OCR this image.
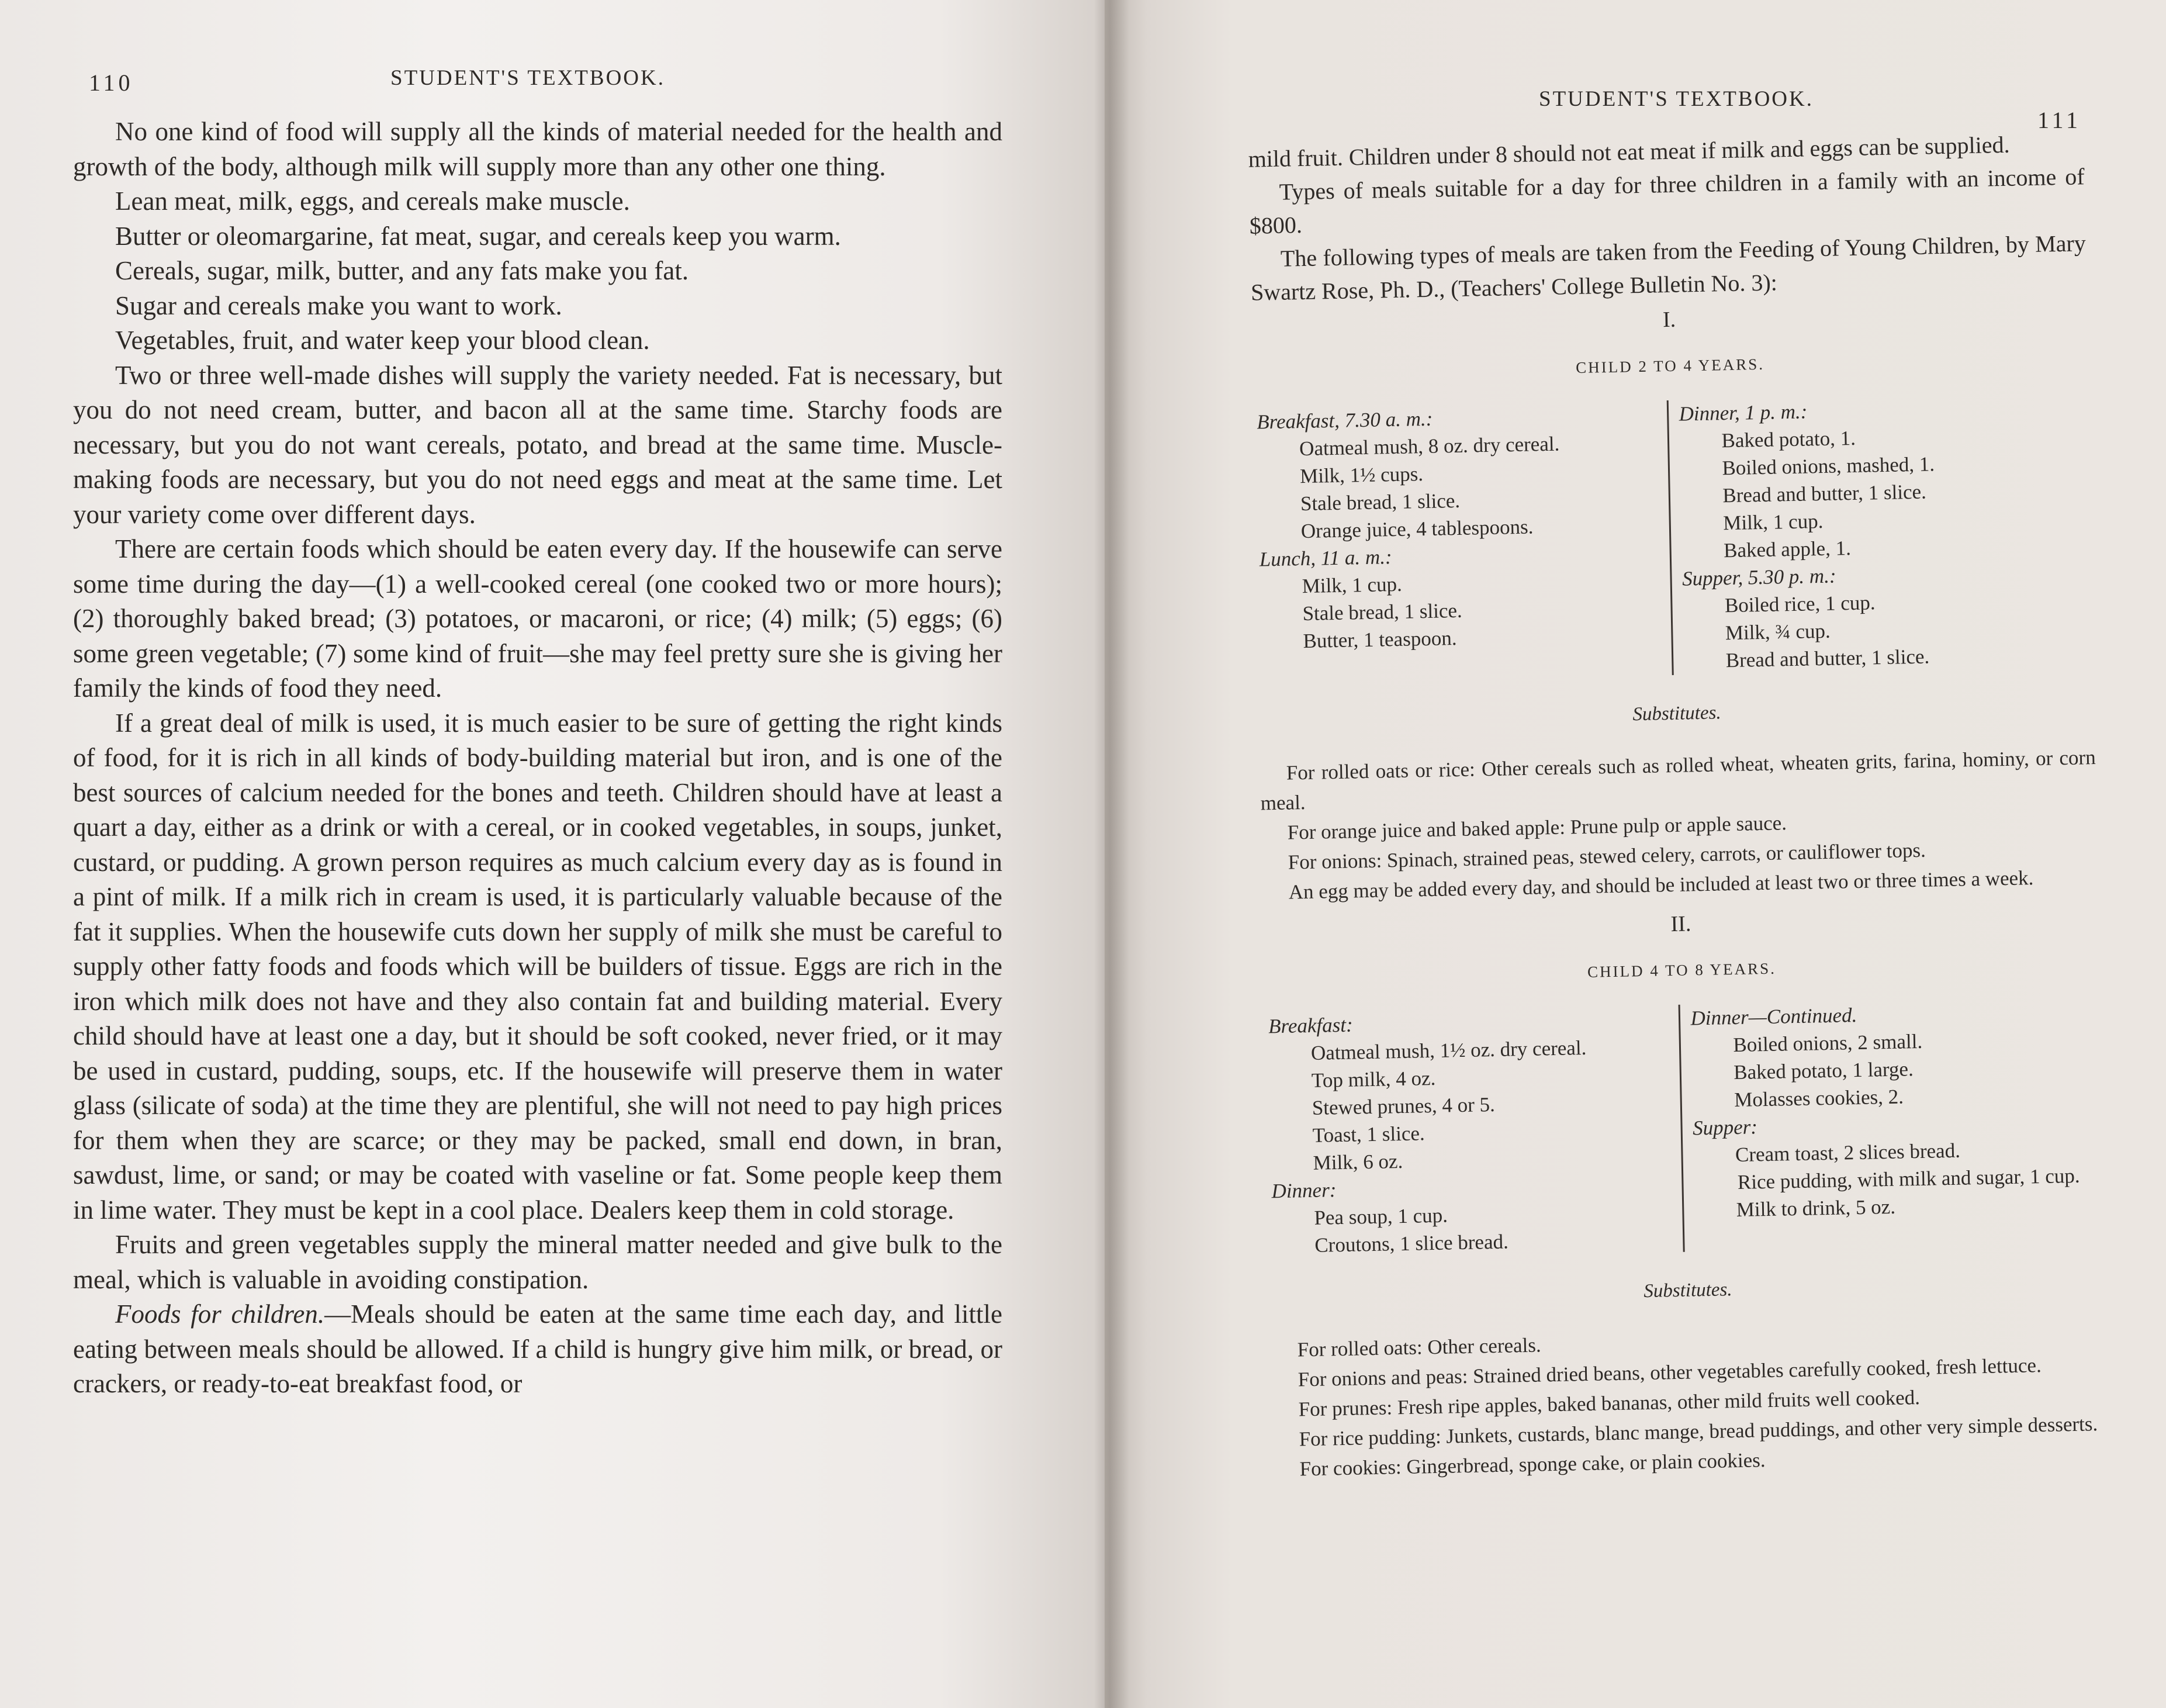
110	STUDENT'S TEXTBOOK.

No one kind of food will supply all the kinds of material needed for the health and growth of the body, although milk will supply more than any other one thing.

Lean meat, milk, eggs, and cereals make muscle.

Butter or oleomargarine, fat meat, sugar, and cereals keep you warm.

Cereals, sugar, milk, butter, and any fats make you fat.

Sugar and cereals make you want to work.

Vegetables, fruit, and water keep your blood clean.

Two or three well-made dishes will supply the variety needed. Fat is necessary, but you do not need cream, butter, and bacon all at the same time. Starchy foods are necessary, but you do not want cereals, potato, and bread at the same time. Muscle-making foods are necessary, but you do not need eggs and meat at the same time. Let your variety come over different days.

There are certain foods which should be eaten every day. If the housewife can serve some time during the day—(1) a well-cooked cereal (one cooked two or more hours); (2) thoroughly baked bread; (3) potatoes, or macaroni, or rice; (4) milk; (5) eggs; (6) some green vegetable; (7) some kind of fruit—she may feel pretty sure she is giving her family the kinds of food they need.

If a great deal of milk is used, it is much easier to be sure of getting the right kinds of food, for it is rich in all kinds of body-building material but iron, and is one of the best sources of calcium needed for the bones and teeth. Children should have at least a quart a day, either as a drink or with a cereal, or in cooked vegetables, in soups, junket, custard, or pudding. A grown person requires as much calcium every day as is found in a pint of milk. If a milk rich in cream is used, it is particularly valuable because of the fat it supplies. When the housewife cuts down her supply of milk she must be careful to supply other fatty foods and foods which will be builders of tissue. Eggs are rich in the iron which milk does not have and they also contain fat and building material. Every child should have at least one a day, but it should be soft cooked, never fried, or it may be used in custard, pudding, soups, etc. If the housewife will preserve them in water glass (silicate of soda) at the time they are plentiful, she will not need to pay high prices for them when they are scarce; or they may be packed, small end down, in bran, sawdust, lime, or sand; or may be coated with vaseline or fat. Some people keep them in lime water. They must be kept in a cool place. Dealers keep them in cold storage.

Fruits and green vegetables supply the mineral matter needed and give bulk to the meal, which is valuable in avoiding constipation.

Foods for children.—Meals should be eaten at the same time each day, and little eating between meals should be allowed. If a child is hungry give him milk, or bread, or crackers, or ready-to-eat breakfast food, or

STUDENT'S TEXTBOOK.
111

mild fruit. Children under 8 should not eat meat if milk and eggs can be supplied.

Types of meals suitable for a day for three children in a family with an income of $800.

The following types of meals are taken from the Feeding of Young Children, by Mary Swartz Rose, Ph. D., (Teachers' College Bulletin No. 3):

I.
CHILD 2 TO 4 YEARS.
Breakfast, 7.30 a. m.:
Oatmeal mush, 8 oz. dry cereal.
Milk, 1½ cups.
Stale bread, 1 slice.
Orange juice, 4 tablespoons.
Lunch, 11 a. m.:
Milk, 1 cup.
Stale bread, 1 slice.
Butter, 1 teaspoon.
Dinner, 1 p. m.:
Baked potato, 1.
Boiled onions, mashed, 1.
Bread and butter, 1 slice.
Milk, 1 cup.
Baked apple, 1.
Supper, 5.30 p. m.:
Boiled rice, 1 cup.
Milk, ¾ cup.
Bread and butter, 1 slice.
Substitutes.

For rolled oats or rice: Other cereals such as rolled wheat, wheaten grits, farina, hominy, or corn meal.

For orange juice and baked apple: Prune pulp or apple sauce.

For onions: Spinach, strained peas, stewed celery, carrots, or cauliflower tops.

An egg may be added every day, and should be included at least two or three times a week.

II.
CHILD 4 TO 8 YEARS.
Breakfast:
Oatmeal mush, 1½ oz. dry cereal.
Top milk, 4 oz.
Stewed prunes, 4 or 5.
Toast, 1 slice.
Milk, 6 oz.
Dinner:
Pea soup, 1 cup.
Croutons, 1 slice bread.
Dinner—Continued.
Boiled onions, 2 small.
Baked potato, 1 large.
Molasses cookies, 2.
Supper:
Cream toast, 2 slices bread.
Rice pudding, with milk and sugar, 1 cup.
Milk to drink, 5 oz.
Substitutes.

For rolled oats: Other cereals.

For onions and peas: Strained dried beans, other vegetables carefully cooked, fresh lettuce.

For prunes: Fresh ripe apples, baked bananas, other mild fruits well cooked.

For rice pudding: Junkets, custards, blanc mange, bread puddings, and other very simple desserts.

For cookies: Gingerbread, sponge cake, or plain cookies.
